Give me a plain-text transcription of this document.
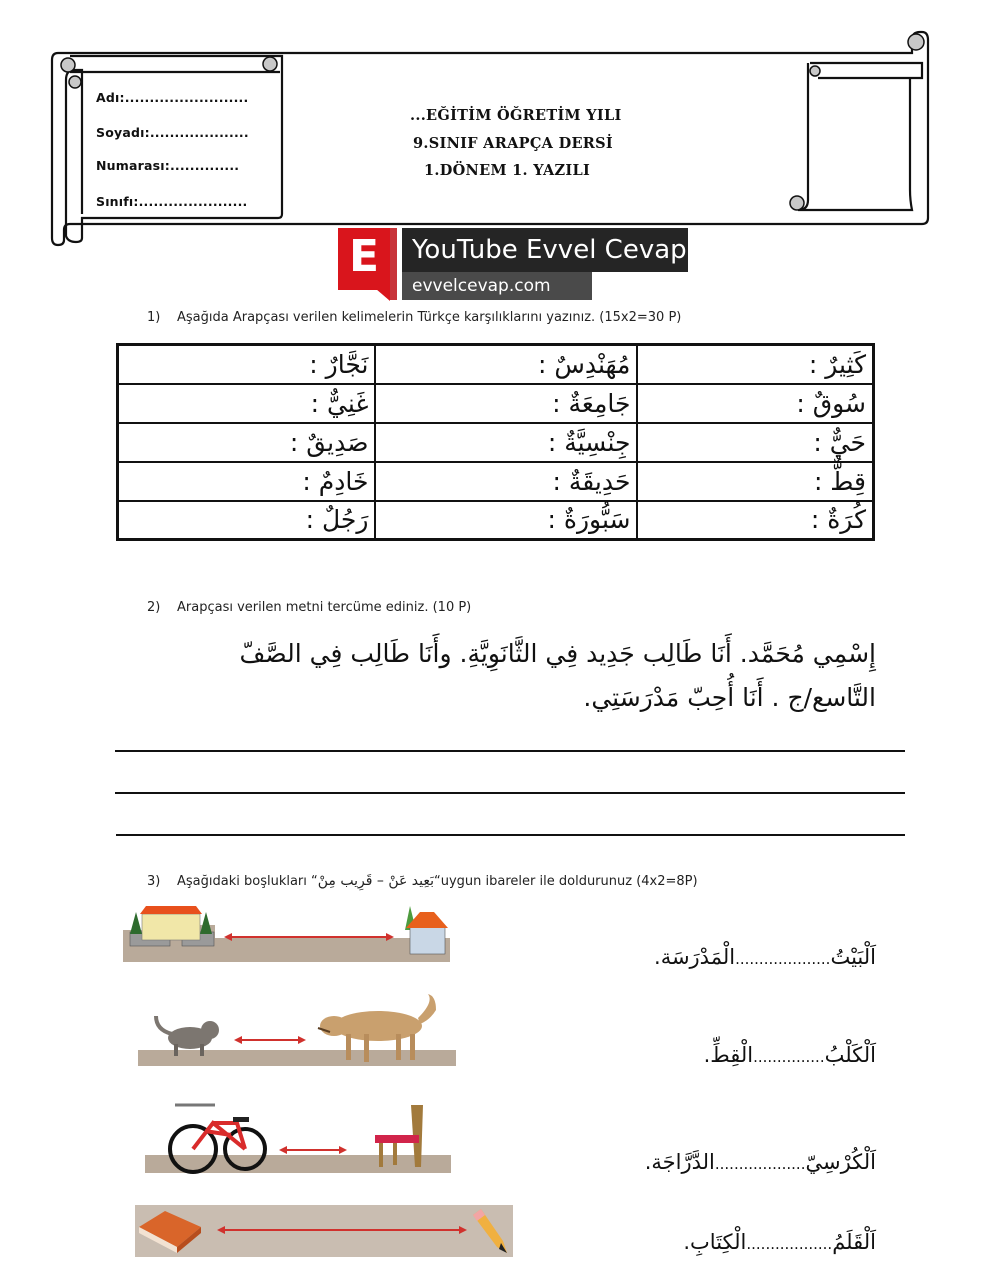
Adı:.........................
Soyadı:....................
Numarası:..............
Sınıfı:......................
...EĞİTİM ÖĞRETİM YILI
9.SINIF ARAPÇA DERSİ
1.DÖNEM 1. YAZILI
E	YouTube Evvel Cevap
evvelcevap.com
1) Aşağıda Arapçası verilen kelimelerin Türkçe karşılıklarını yazınız. (15x2=30 P)
نَجَّارٌ :	مُهَنْدِسٌ :	كَثِيرٌ :
غَنِيٌّ :	جَامِعَةٌ :	سُوقٌ :
صَدِيقٌ :	جِنْسِيَّةٌ :	حَيٌّ :
خَادِمٌ :	حَدِيقَةٌ :	قِطٌّ :
رَجُلٌ :	سَبُّورَةٌ :	كُرَةٌ :
2) Arapçası verilen metni tercüme ediniz. (10 P)
إِسْمِي مُحَمَّد. أَنَا طَالِب جَدِيد فِي الثَّانَوِيَّةِ. وأَنَا طَالِب فِي الصَّفّ
التَّاسع/ج . أَنَا أُحِبّ مَدْرَسَتِي.
3) Aşağıdaki boşlukları “بَعِيد عَنْ – قَرِيب مِنْ“uygun ibareler ile doldurunuz (4x2=8P)
اَلْبَيْتُ....................الْمَدْرَسَة.
اَلْكَلْبُ...............الْقِطِّ.
اَلْكُرْسِيّ...................الدَّرَّاجَة.
اَلْقَلَمُ..................الْكِتَابِ.
